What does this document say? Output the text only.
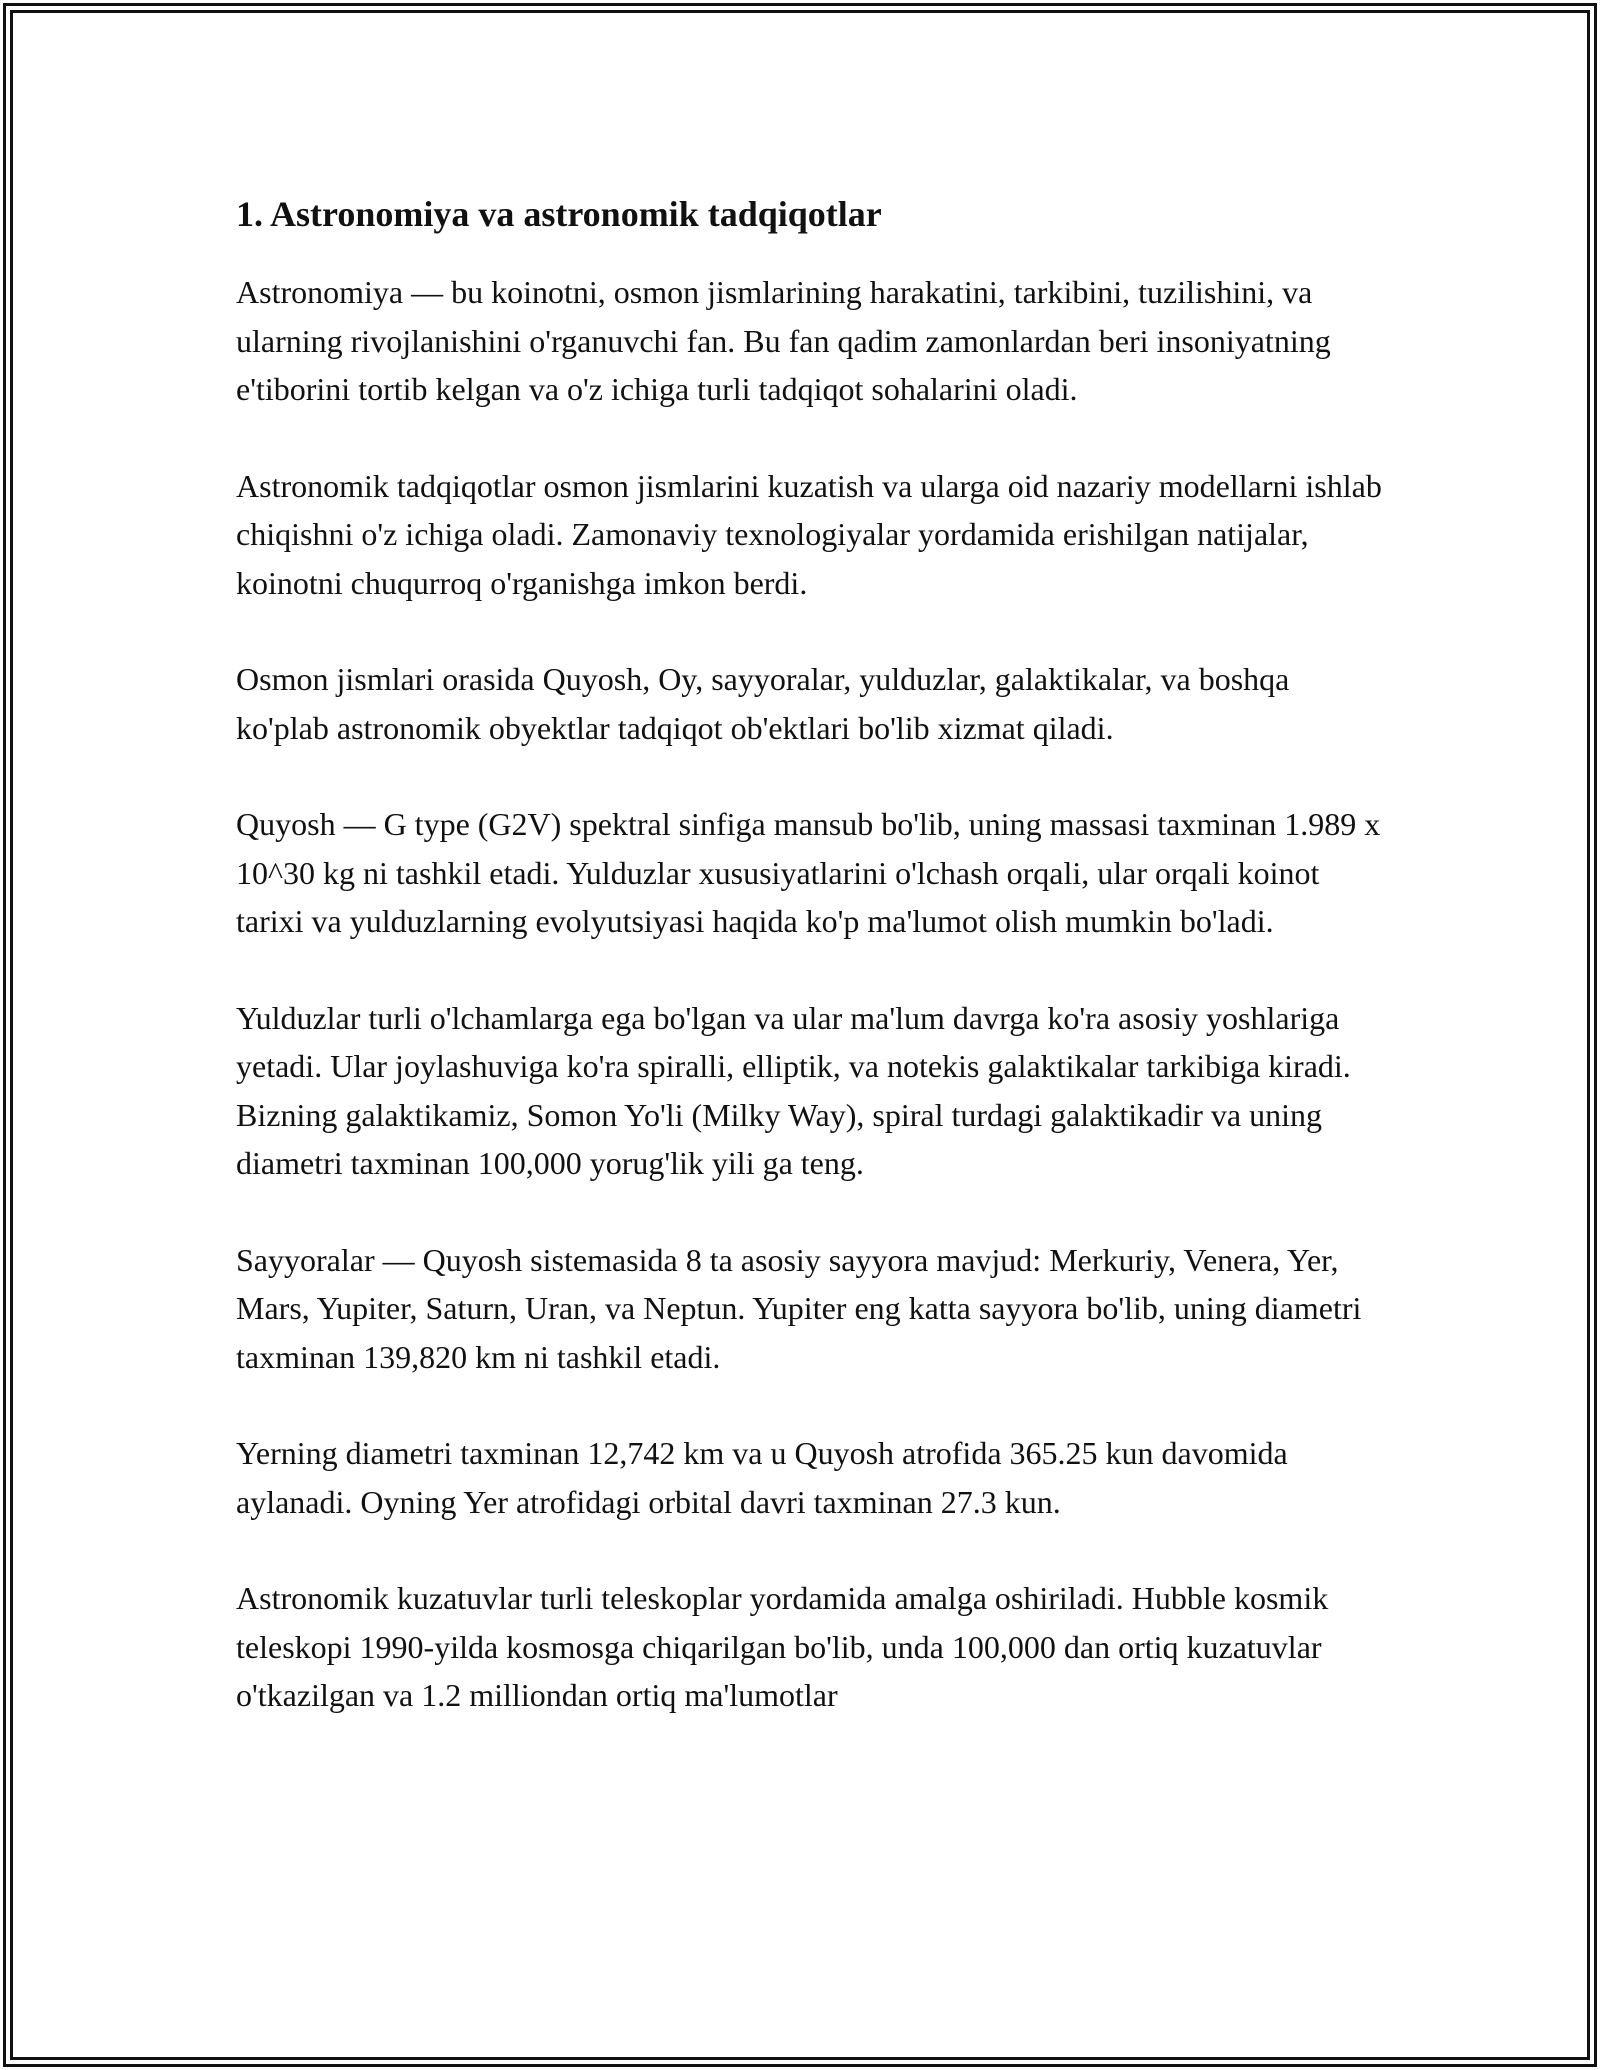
1. Astronomiya va astronomik tadqiqotlar

Astronomiya — bu koinotni, osmon jismlarining harakatini, tarkibini, tuzilishini, va ularning rivojlanishini o'rganuvchi fan. Bu fan qadim zamonlardan beri insoniyatning e'tiborini tortib kelgan va o'z ichiga turli tadqiqot sohalarini oladi.

Astronomik tadqiqotlar osmon jismlarini kuzatish va ularga oid nazariy modellarni ishlab chiqishni o'z ichiga oladi. Zamonaviy texnologiyalar yordamida erishilgan natijalar, koinotni chuqurroq o'rganishga imkon berdi.

Osmon jismlari orasida Quyosh, Oy, sayyoralar, yulduzlar, galaktikalar, va boshqa ko'plab astronomik obyektlar tadqiqot ob'ektlari bo'lib xizmat qiladi.

Quyosh — G type (G2V) spektral sinfiga mansub bo'lib, uning massasi taxminan 1.989 x 10^30 kg ni tashkil etadi. Yulduzlar xususiyatlarini o'lchash orqali, ular orqali koinot tarixi va yulduzlarning evolyutsiyasi haqida ko'p ma'lumot olish mumkin bo'ladi.

Yulduzlar turli o'lchamlarga ega bo'lgan va ular ma'lum davrga ko'ra asosiy yoshlariga yetadi. Ular joylashuviga ko'ra spiralli, elliptik, va notekis galaktikalar tarkibiga kiradi. Bizning galaktikamiz, Somon Yo'li (Milky Way), spiral turdagi galaktikadir va uning diametri taxminan 100,000 yorug'lik yili ga teng.

Sayyoralar — Quyosh sistemasida 8 ta asosiy sayyora mavjud: Merkuriy, Venera, Yer, Mars, Yupiter, Saturn, Uran, va Neptun. Yupiter eng katta sayyora bo'lib, uning diametri taxminan 139,820 km ni tashkil etadi.

Yerning diametri taxminan 12,742 km va u Quyosh atrofida 365.25 kun davomida aylanadi. Oyning Yer atrofidagi orbital davri taxminan 27.3 kun.

Astronomik kuzatuvlar turli teleskoplar yordamida amalga oshiriladi. Hubble kosmik teleskopi 1990-yilda kosmosga chiqarilgan bo'lib, unda 100,000 dan ortiq kuzatuvlar o'tkazilgan va 1.2 milliondan ortiq ma'lumotlar
